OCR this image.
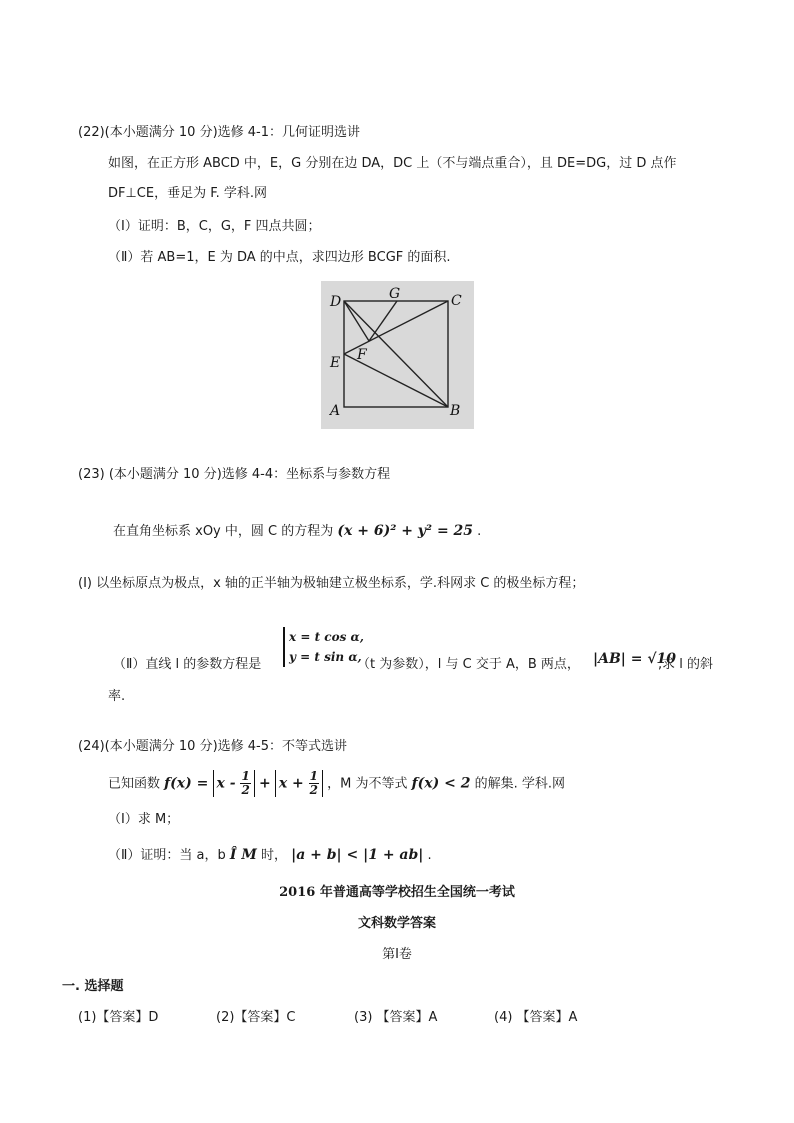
(22)(本小题满分 10 分)选修 4-1：几何证明选讲
如图，在正方形 ABCD 中，E，G 分别在边 DA，DC 上（不与端点重合），且 DE=DG，过 D 点作
DF⊥CE，垂足为 F. 学科.网
（Ⅰ）证明：B，C，G，F 四点共圆；
（Ⅱ）若 AB=1，E 为 DA 的中点，求四边形 BCGF 的面积.
D	G	C
E F
A	B
(23) (本小题满分 10 分)选修 4-4：坐标系与参数方程
在直角坐标系 xOy 中，圆 C 的方程为 (x + 6)² + y² = 25 .
(Ⅰ) 以坐标原点为极点，x 轴的正半轴为极轴建立极坐标系，学.科网求 C 的极坐标方程；
x = t cos α,
y = t sin α,
（Ⅱ）直线 l 的参数方程是	（t 为参数），l 与 C 交于 A，B 两点， |AB| = √10
,求 l 的斜
率.
(24)(本小题满分 10 分)选修 4-5：不等式选讲
已知函数 $f(x) = x - \frac{1}{2} + x + \frac{1}{2}$ ，M 为不等式 f(x) < 2 的解集. 学科.网
（Ⅰ）求 M；
（Ⅱ）证明：当 a，b Î M 时， |a + b| < |1 + ab| .
2016 年普通高等学校招生全国统一考试
文科数学答案
第Ⅰ卷
一. 选择题
(1)【答案】D	(2)【答案】C	(3) 【答案】A	(4) 【答案】A
